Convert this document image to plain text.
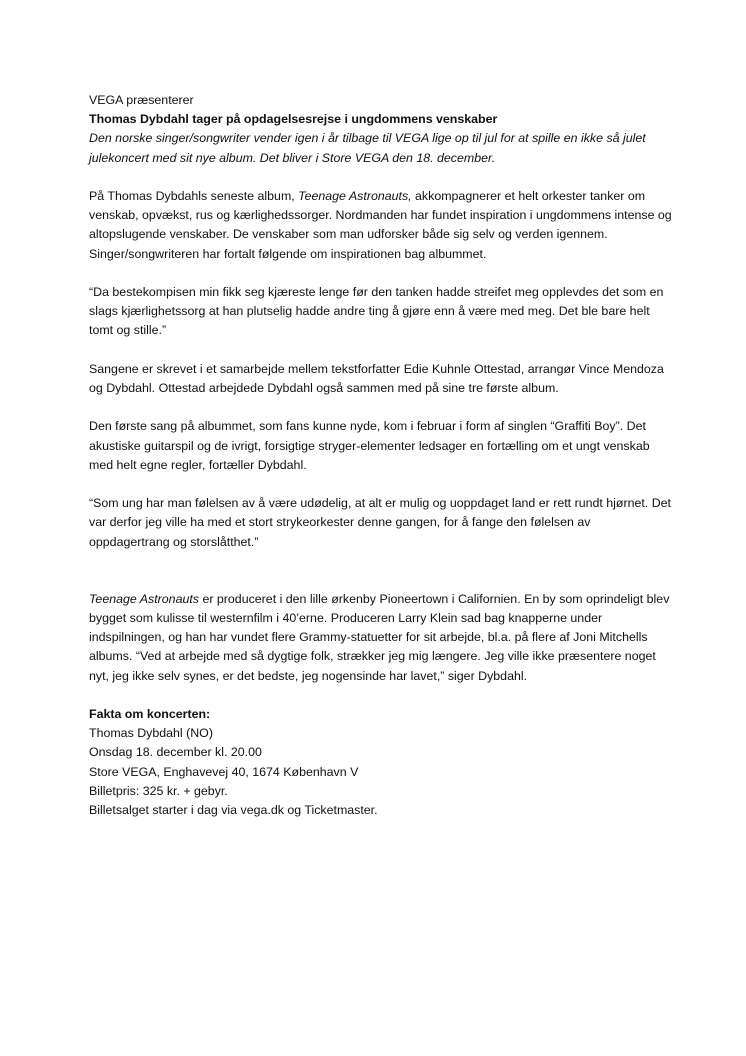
VEGA præsenterer

Thomas Dybdahl tager på opdagelsesrejse i ungdommens venskaber

Den norske singer/songwriter vender igen i år tilbage til VEGA lige op til jul for at spille en ikke så julet julekoncert med sit nye album. Det bliver i Store VEGA den 18. december.

På Thomas Dybdahls seneste album, Teenage Astronauts, akkompagnerer et helt orkester tanker om venskab, opvækst, rus og kærlighedssorger. Nordmanden har fundet inspiration i ungdommens intense og altopslugende venskaber. De venskaber som man udforsker både sig selv og verden igennem. Singer/songwriteren har fortalt følgende om inspirationen bag albummet.

“Da bestekompisen min fikk seg kjæreste lenge før den tanken hadde streifet meg opplevdes det som en slags kjærlighetssorg at han plutselig hadde andre ting å gjøre enn å være med meg. Det ble bare helt tomt og stille.”

Sangene er skrevet i et samarbejde mellem tekstforfatter Edie Kuhnle Ottestad, arrangør Vince Mendoza og Dybdahl. Ottestad arbejdede Dybdahl også sammen med på sine tre første album.

Den første sang på albummet, som fans kunne nyde, kom i februar i form af singlen “Graffiti Boy”. Det akustiske guitarspil og de ivrigt, forsigtige stryger-elementer ledsager en fortælling om et ungt venskab med helt egne regler, fortæller Dybdahl.

“Som ung har man følelsen av å være udødelig, at alt er mulig og uoppdaget land er rett rundt hjørnet. Det var derfor jeg ville ha med et stort strykeorkester denne gangen, for å fange den følelsen av oppdagertrang og storslåtthet.”

Teenage Astronauts er produceret i den lille ørkenby Pioneertown i Californien. En by som oprindeligt blev bygget som kulisse til westernfilm i 40’erne. Produceren Larry Klein sad bag knapperne under indspilningen, og han har vundet flere Grammy-statuetter for sit arbejde, bl.a. på flere af Joni Mitchells albums. “Ved at arbejde med så dygtige folk, strækker jeg mig længere. Jeg ville ikke præsentere noget nyt, jeg ikke selv synes, er det bedste, jeg nogensinde har lavet,” siger Dybdahl.

Fakta om koncerten:

Thomas Dybdahl (NO)
Onsdag 18. december kl. 20.00
Store VEGA, Enghavevej 40, 1674 København V
Billetpris: 325 kr. + gebyr.
Billetsalget starter i dag via vega.dk og Ticketmaster.
